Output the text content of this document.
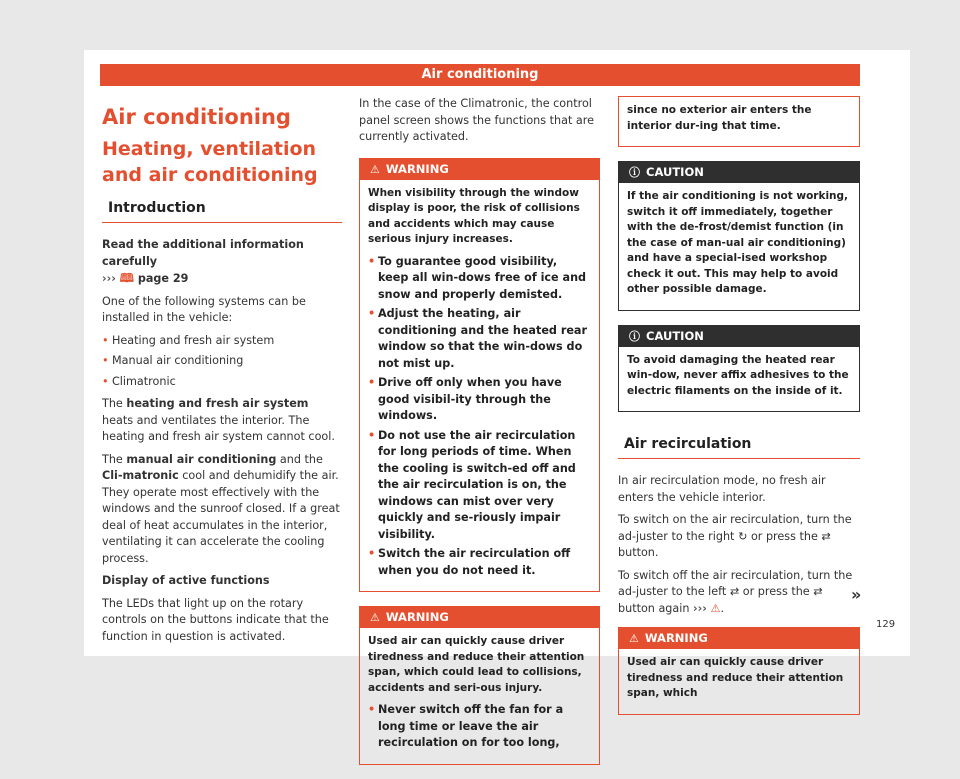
Air conditioning
Air conditioning
Heating, ventilation and air conditioning
Introduction

Read the additional information carefully
››› 🕮 page 29

One of the following systems can be installed in the vehicle:

• Heating and fresh air system
• Manual air conditioning
• Climatronic

The heating and fresh air system heats and ventilates the interior. The heating and fresh air system cannot cool.

The manual air conditioning and the Cli-matronic cool and dehumidify the air. They operate most effectively with the windows and the sunroof closed. If a great deal of heat accumulates in the interior, ventilating it can accelerate the cooling process.

Display of active functions

The LEDs that light up on the rotary controls on the buttons indicate that the function in question is activated.

In the case of the Climatronic, the control panel screen shows the functions that are currently activated.

⚠ WARNING

When visibility through the window display is poor, the risk of collisions and accidents which may cause serious injury increases.

• To guarantee good visibility, keep all win-dows free of ice and snow and properly demisted.
• Adjust the heating, air conditioning and the heated rear window so that the win-dows do not mist up.
• Drive off only when you have good visibil-ity through the windows.
• Do not use the air recirculation for long periods of time. When the cooling is switch-ed off and the air recirculation is on, the windows can mist over very quickly and se-riously impair visibility.
• Switch the air recirculation off when you do not need it.
⚠ WARNING

Used air can quickly cause driver tiredness and reduce their attention span, which could lead to collisions, accidents and seri-ous injury.

• Never switch off the fan for a long time or leave the air recirculation on for too long,

since no exterior air enters the interior dur-ing that time.

ⓘ CAUTION

If the air conditioning is not working, switch it off immediately, together with the de-frost/demist function (in the case of man-ual air conditioning) and have a special-ised workshop check it out. This may help to avoid other possible damage.

ⓘ CAUTION

To avoid damaging the heated rear win-dow, never affix adhesives to the electric filaments on the inside of it.

Air recirculation

In air recirculation mode, no fresh air enters the vehicle interior.

To switch on the air recirculation, turn the ad-juster to the right ↻ or press the ⇄ button.

To switch off the air recirculation, turn the ad-juster to the left ⇄ or press the ⇄ button again ››› ⚠.

⚠ WARNING

Used air can quickly cause driver tiredness and reduce their attention span, which

»
129
